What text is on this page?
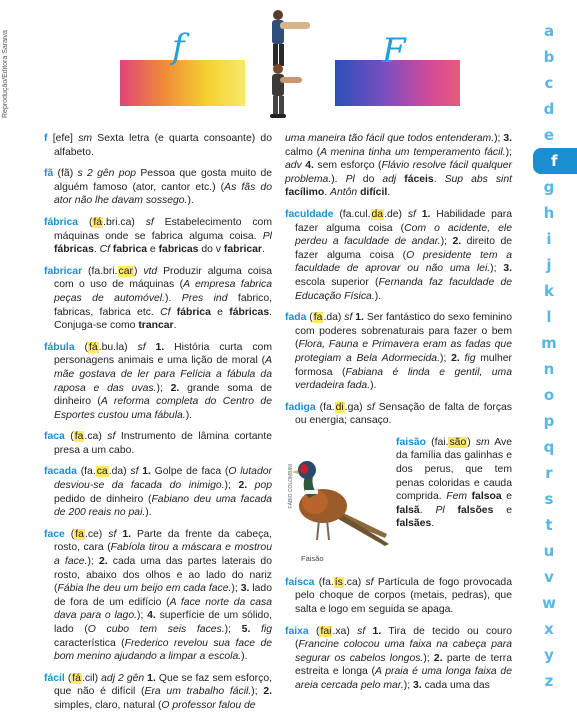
Reprodução/Editora Saraiva	f	F

f [efe] sm Sexta letra (e quarta consoante) do alfabeto.

fã (fã) s 2 gên pop Pessoa que gosta muito de alguém famoso (ator, cantor etc.) (As fãs do ator não lhe davam sossego.).

fábrica (fá.bri.ca) sf Estabelecimento com máquinas onde se fabrica alguma coisa. Pl fábricas. Cf fabrica e fabricas do v fabricar.

fabricar (fa.bri.car) vtd Produzir alguma coisa com o uso de máquinas (A empresa fabrica peças de automóvel.). Pres ind fabrico, fabricas, fabrica etc. Cf fábrica e fábricas. Conjuga-se como trancar.

fábula (fá.bu.la) sf 1. História curta com personagens animais e uma lição de moral (A mãe gostava de ler para Felícia a fábula da raposa e das uvas.); 2. grande soma de dinheiro (A reforma completa do Centro de Esportes custou uma fábula.).

faca (fa.ca) sf Instrumento de lâmina cortante presa a um cabo.

facada (fa.ca.da) sf 1. Golpe de faca (O lutador desviou-se da facada do inimigo.); 2. pop pedido de dinheiro (Fabiano deu uma facada de 200 reais no pai.).

face (fa.ce) sf 1. Parte da frente da cabeça, rosto, cara (Fabíola tirou a máscara e mostrou a face.); 2. cada uma das partes laterais do rosto, abaixo dos olhos e ao lado do nariz (Fábia lhe deu um beijo em cada face.); 3. lado de fora de um edifício (A face norte da casa dava para o lago.); 4. superfície de um sólido, lado (O cubo tem seis faces.); 5. fig característica (Frederico revelou sua face de bom menino ajudando a limpar a escola.).

fácil (fá.cil) adj 2 gên 1. Que se faz sem esforço, que não é difícil (Era um trabalho fácil.); 2. simples, claro, natural (O professor falou de

uma maneira tão fácil que todos entenderam.); 3. calmo (A menina tinha um temperamento fácil.); adv 4. sem esforço (Flávio resolve fácil qualquer problema.). Pl do adj fáceis. Sup abs sint facílimo. Antôn difícil.

faculdade (fa.cul.da.de) sf 1. Habilidade para fazer alguma coisa (Com o acidente, ele perdeu a faculdade de andar.); 2. direito de fazer alguma coisa (O presidente tem a faculdade de aprovar ou não uma lei.); 3. escola superior (Fernanda faz faculdade de Educação Física.).

fada (fa.da) sf 1. Ser fantástico do sexo feminino com poderes sobrenaturais para fazer o bem (Flora, Fauna e Primavera eram as fadas que protegiam a Bela Adormecida.); 2. fig mulher formosa (Fabiana é linda e gentil, uma verdadeira fada.).

fadiga (fa.di.ga) sf Sensação de falta de forças ou energia; cansaço.

FÁBIO COLOMBINI
Faisão
faisão (fai.são) sm Ave da família das galinhas e dos perus, que tem penas coloridas e cauda comprida. Fem falsoa e falsã. Pl falsões e falsães.

faísca (fa.ís.ca) sf Partícula de fogo provocada pelo choque de corpos (metais, pedras), que salta e logo em seguida se apaga.

faixa (fai.xa) sf 1. Tira de tecido ou couro (Francine colocou uma faixa na cabeça para segurar os cabelos longos.); 2. parte de terra estreita e longa (A praia é uma longa faixa de areia cercada pelo mar.); 3. cada uma das

a
b
c
d
e
f
g
h
i
j
k
l
m
n
o
p
q
r
s
t
u
v
w
x
y
z
